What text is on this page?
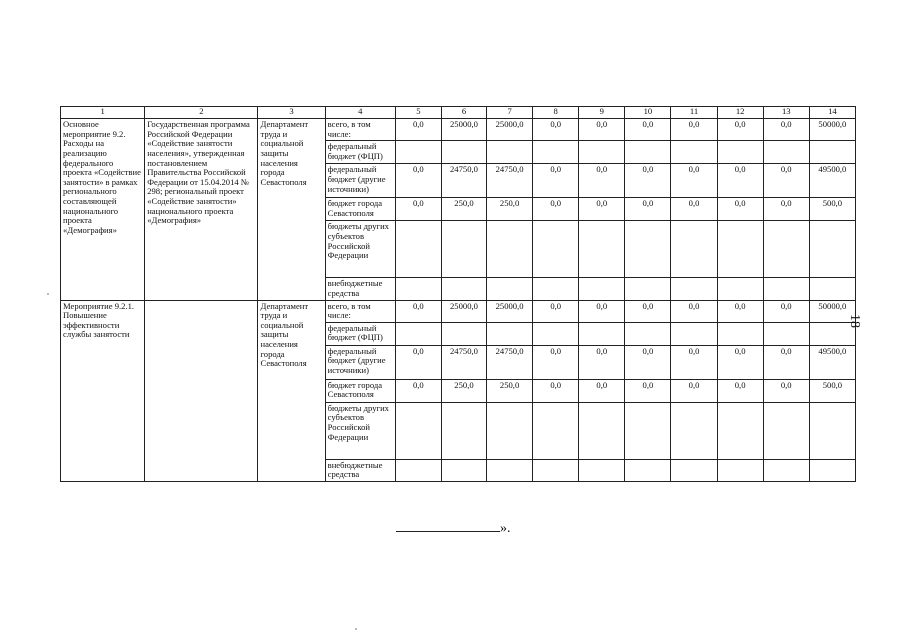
1	2	3	4	5	6	7	8	9	10	11	12	13	14
Основное мероприятие 9.2. Расходы на реализацию федерального проекта «Содействие занятости» в рамках регионального составляющей национального проекта «Демография»	Государственная программа Российской Федерации «Содействие занятости населения», утвержденная постановлением Правительства Российской Федерации от 15.04.2014 № 298; региональный проект «Содействие занятости» национального проекта «Демография»	Департамент труда и социальной защиты населения города Севастополя	всего, в том числе:	0,0	25000,0	25000,0	0,0	0,0	0,0	0,0	0,0	0,0	50000,0
			федеральный бюджет (ФЦП)										
			федеральный бюджет (другие источники)	0,0	24750,0	24750,0	0,0	0,0	0,0	0,0	0,0	0,0	49500,0
			бюджет города Севастополя	0,0	250,0	250,0	0,0	0,0	0,0	0,0	0,0	0,0	500,0
			бюджеты других субъектов Российской Федерации										
			внебюджетные средства										
Мероприятие 9.2.1. Повышение эффективности службы занятости		Департамент труда и социальной защиты населения города Севастополя	всего, в том числе:	0,0	25000,0	25000,0	0,0	0,0	0,0	0,0	0,0	0,0	50000,0
			федеральный бюджет (ФЦП)										
			федеральный бюджет (другие источники)	0,0	24750,0	24750,0	0,0	0,0	0,0	0,0	0,0	0,0	49500,0
			бюджет города Севастополя	0,0	250,0	250,0	0,0	0,0	0,0	0,0	0,0	0,0	500,0
			бюджеты других субъектов Российской Федерации										
			внебюджетные средства										
18
».
